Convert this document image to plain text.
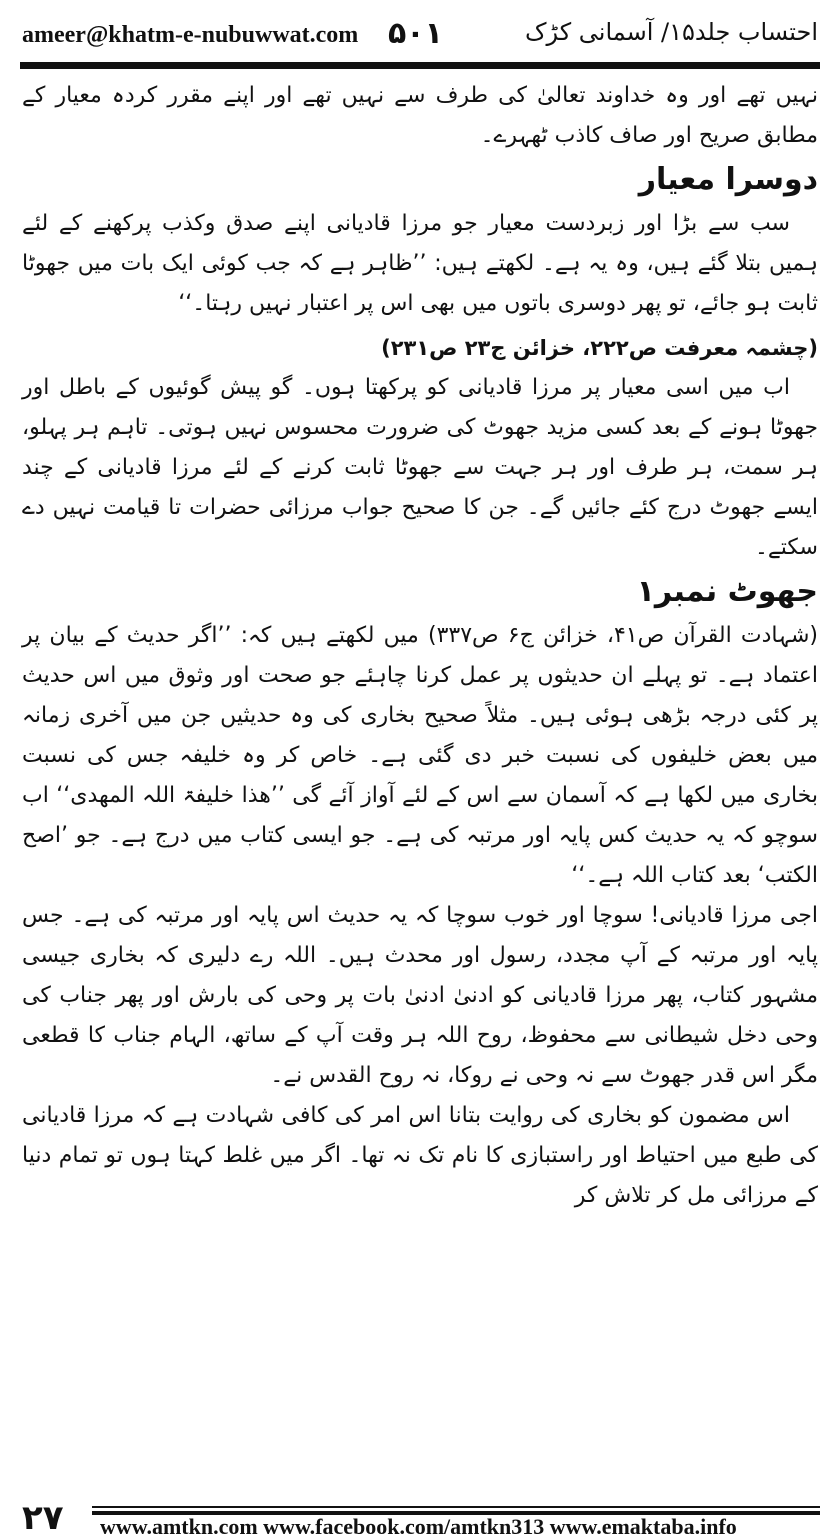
ameer@khatm-e-nubuwwat.com ۵۰۱	احتساب جلد۱۵/ آسمانی کڑک

نہیں تھے اور وہ خداوند تعالیٰ کی طرف سے نہیں تھے اور اپنے مقرر کردہ معیار کے مطابق صریح اور صاف کاذب ٹھہرے۔

دوسرا معیار

سب سے بڑا اور زبردست معیار جو مرزا قادیانی اپنے صدق وکذب پرکھنے کے لئے ہمیں بتلا گئے ہیں، وہ یہ ہے۔ لکھتے ہیں: ’’ظاہر ہے کہ جب کوئی ایک بات میں جھوٹا ثابت ہو جائے، تو پھر دوسری باتوں میں بھی اس پر اعتبار نہیں رہتا۔‘‘

(چشمہ معرفت ص۲۲۲، خزائن ج۲۳ ص۲۳۱)

اب میں اسی معیار پر مرزا قادیانی کو پرکھتا ہوں۔ گو پیش گوئیوں کے باطل اور جھوٹا ہونے کے بعد کسی مزید جھوٹ کی ضرورت محسوس نہیں ہوتی۔ تاہم ہر پہلو، ہر سمت، ہر طرف اور ہر جہت سے جھوٹا ثابت کرنے کے لئے مرزا قادیانی کے چند ایسے جھوٹ درج کئے جائیں گے۔ جن کا صحیح جواب مرزائی حضرات تا قیامت نہیں دے سکتے۔

جھوٹ نمبر۱

(شہادت القرآن ص۴۱، خزائن ج۶ ص۳۳۷) میں لکھتے ہیں کہ: ’’اگر حدیث کے بیان پر اعتماد ہے۔ تو پہلے ان حدیثوں پر عمل کرنا چاہئے جو صحت اور وثوق میں اس حدیث پر کئی درجہ بڑھی ہوئی ہیں۔ مثلاً صحیح بخاری کی وہ حدیثیں جن میں آخری زمانہ میں بعض خلیفوں کی نسبت خبر دی گئی ہے۔ خاص کر وہ خلیفہ جس کی نسبت بخاری میں لکھا ہے کہ آسمان سے اس کے لئے آواز آئے گی ’’ھذا خلیفۃ اللہ المھدی‘‘ اب سوچو کہ یہ حدیث کس پایہ اور مرتبہ کی ہے۔ جو ایسی کتاب میں درج ہے۔ جو ’اصح الکتب‘ بعد کتاب اللہ ہے۔‘‘

اجی مرزا قادیانی! سوچا اور خوب سوچا کہ یہ حدیث اس پایہ اور مرتبہ کی ہے۔ جس پایہ اور مرتبہ کے آپ مجدد، رسول اور محدث ہیں۔ اللہ رے دلیری کہ بخاری جیسی مشہور کتاب، پھر مرزا قادیانی کو ادنیٰ ادنیٰ بات پر وحی کی بارش اور پھر جناب کی وحی دخل شیطانی سے محفوظ، روح اللہ ہر وقت آپ کے ساتھ، الہام جناب کا قطعی مگر اس قدر جھوٹ سے نہ وحی نے روکا، نہ روح القدس نے۔

اس مضمون کو بخاری کی روایت بتانا اس امر کی کافی شہادت ہے کہ مرزا قادیانی کی طبع میں احتیاط اور راستبازی کا نام تک نہ تھا۔ اگر میں غلط کہتا ہوں تو تمام دنیا کے مرزائی مل کر تلاش کر

۲۷ www.amtkn.com www.facebook.com/amtkn313 www.emaktaba.info
